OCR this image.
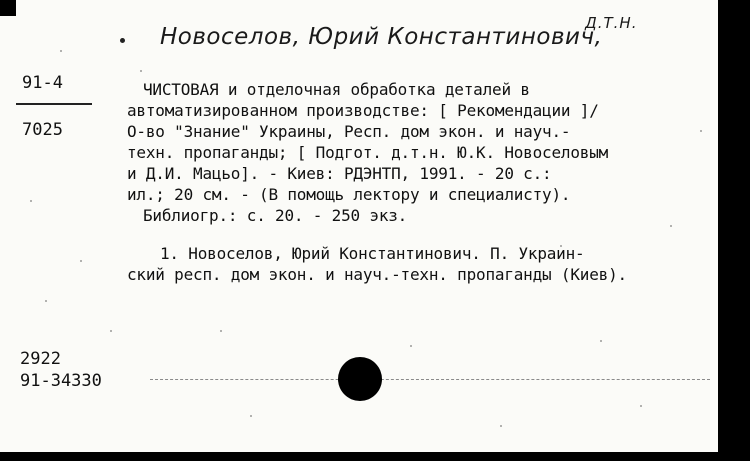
Новоселов, Юрий Константинович,
Д.Т.Н.
91-4
7025
ЧИСТОВАЯ и отделочная обработка деталей в
автоматизированном производстве: [ Рекомендации ]/
О-во "Знание" Украины, Респ. дом экон. и науч.-
техн. пропаганды; [ Подгот. д.т.н. Ю.К. Новоселовым
и Д.И. Мацьо]. - Киев: РДЭНТП, 1991. - 20 с.:
ил.; 20 см. - (В помощь лектору и специалисту).
Библиогр.: с. 20. - 250 экз.
1. Новоселов, Юрий Константинович. П. Украин-
ский респ. дом экон. и науч.-техн. пропаганды (Киев).
2922
91-34330
